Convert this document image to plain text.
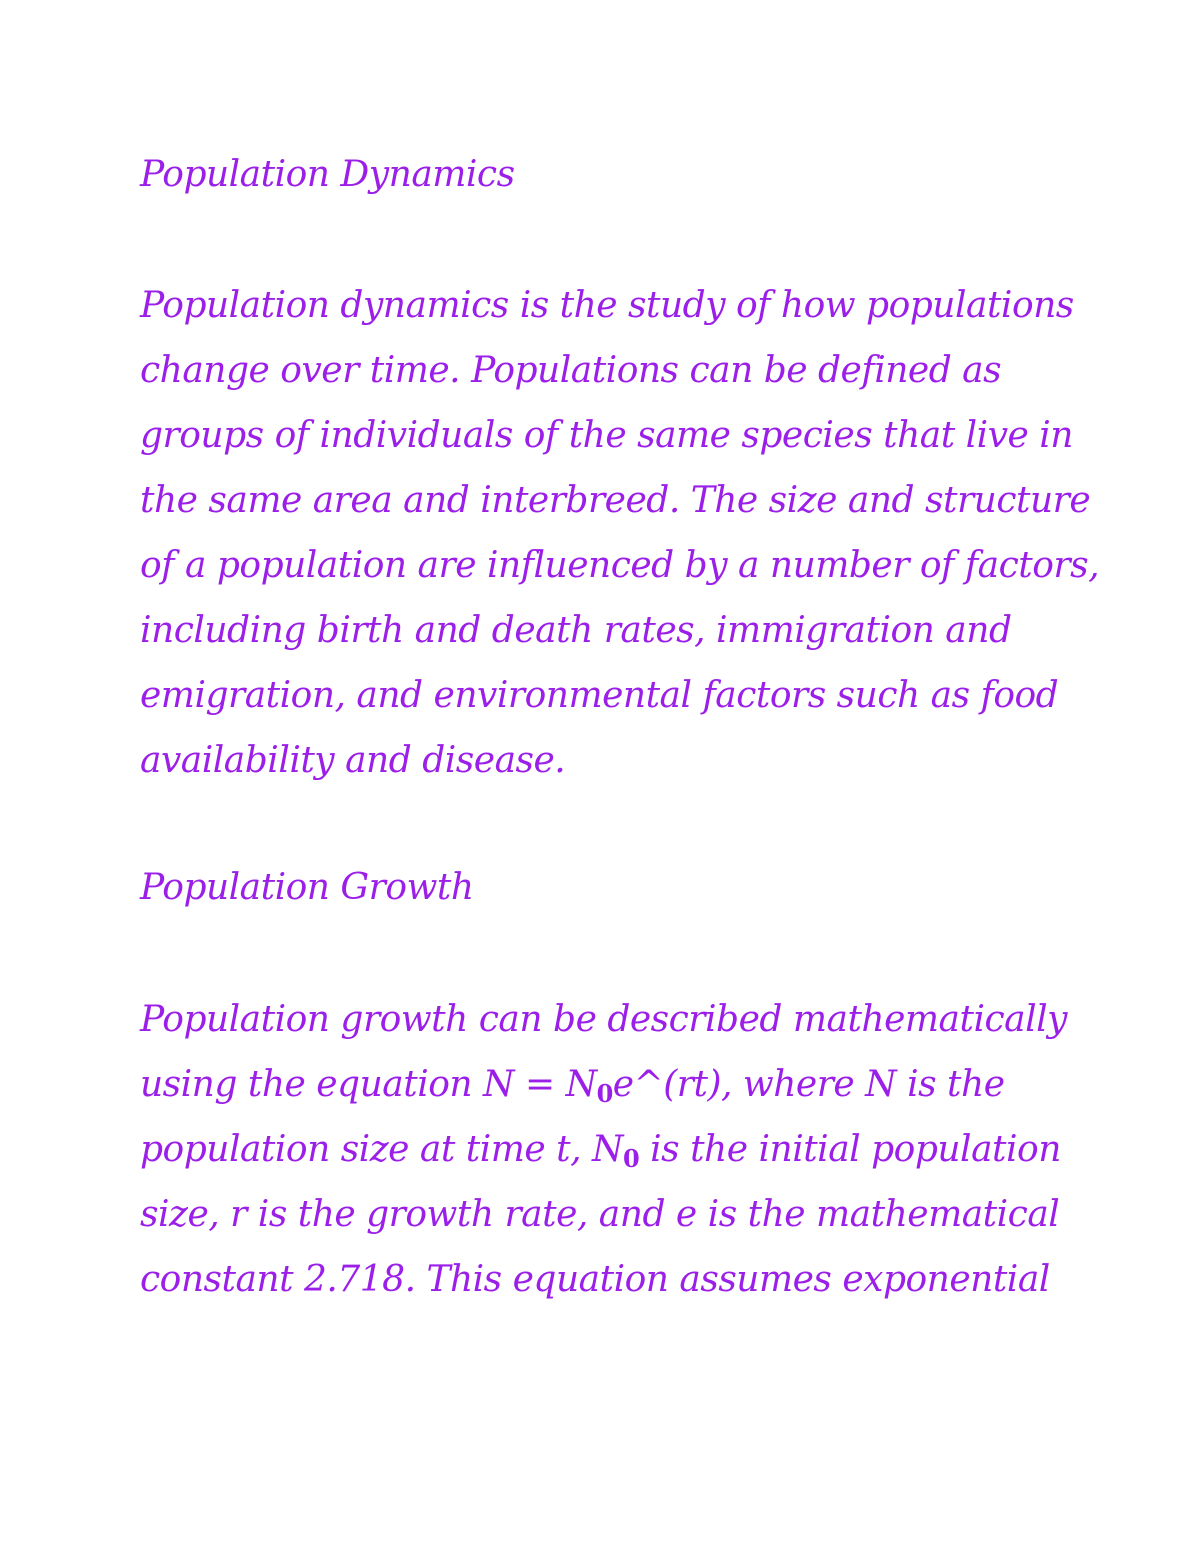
Population Dynamics
Population dynamics is the study of how populations
change over time. Populations can be defined as
groups of individuals of the same species that live in
the same area and interbreed. The size and structure
of a population are influenced by a number of factors,
including birth and death rates, immigration and
emigration, and environmental factors such as food
availability and disease.
Population Growth
Population growth can be described mathematically
using the equation $N = N_0e\^{}(rt)$, where N is the
population size at time t, $N_0$ is the initial population
size, r is the growth rate, and e is the mathematical
constant 2.718. This equation assumes exponential
